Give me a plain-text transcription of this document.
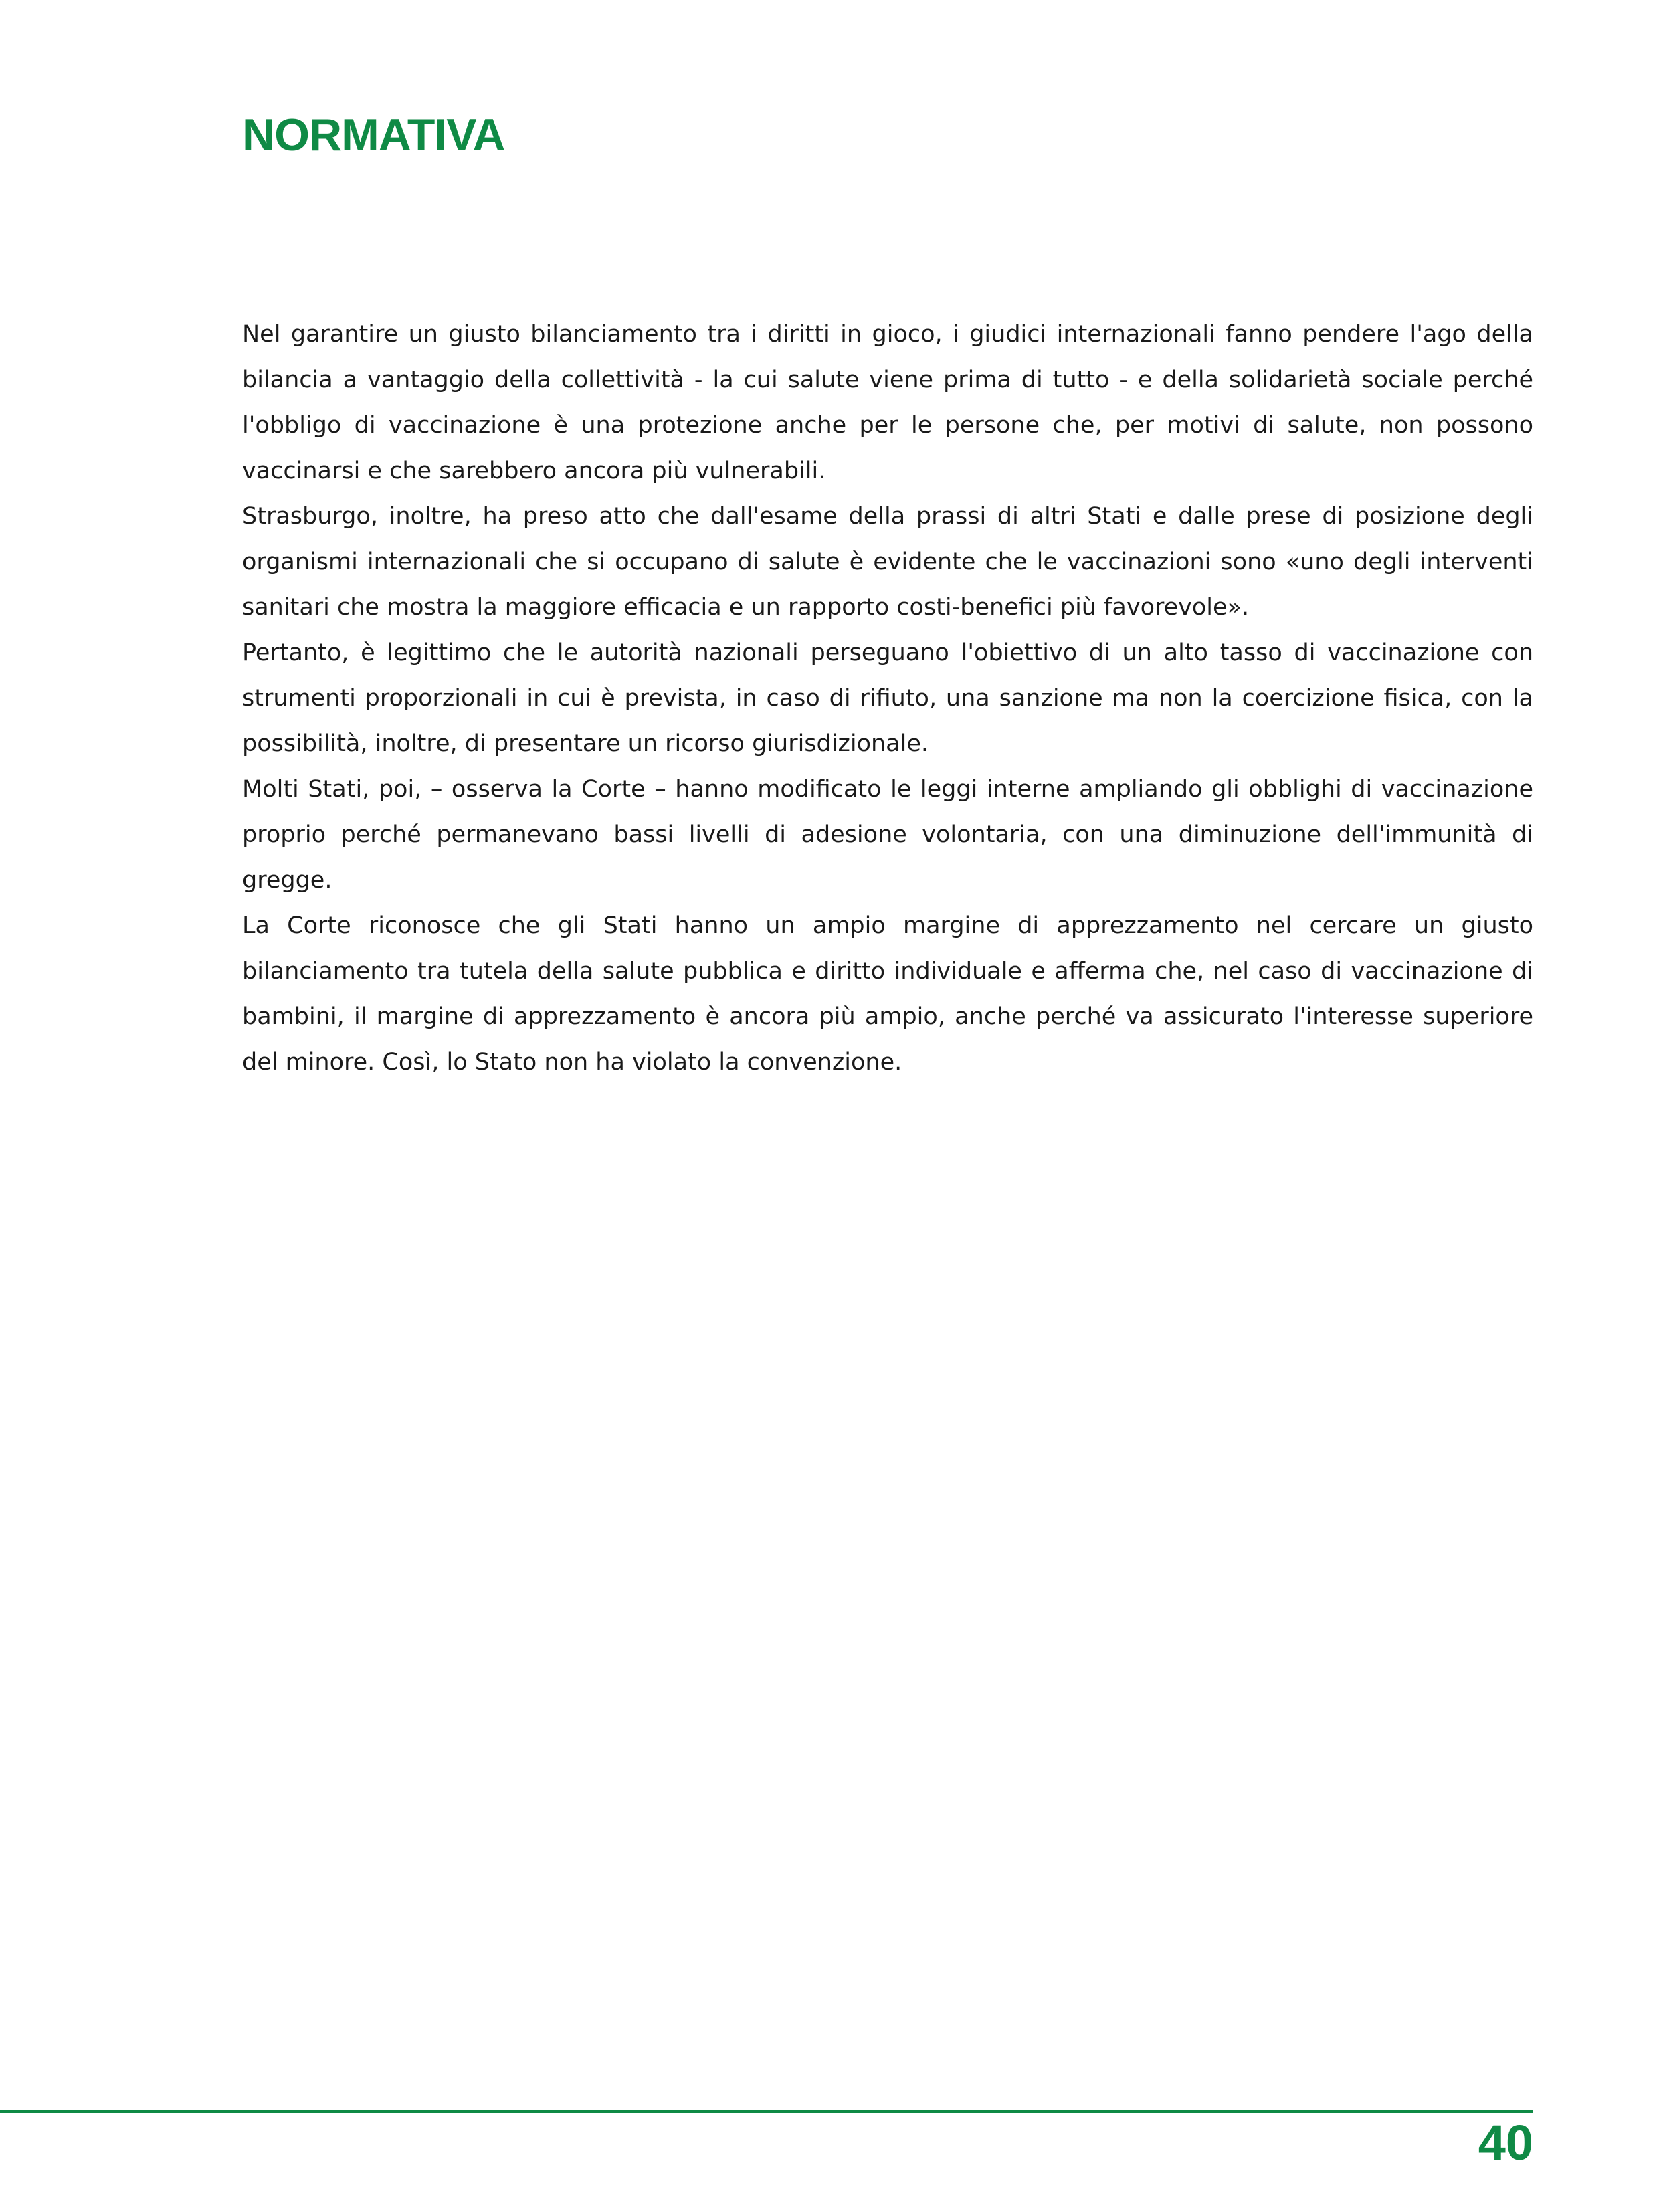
NORMATIVA

Nel garantire un giusto bilanciamento tra i diritti in gioco, i giudici internazionali fanno pendere l'ago della bilancia a vantaggio della collettività - la cui salute viene prima di tutto - e della solidarietà sociale perché l'obbligo di vaccinazione è una protezione anche per le persone che, per motivi di salute, non possono vaccinarsi e che sarebbero ancora più vulnerabili.

Strasburgo, inoltre, ha preso atto che dall'esame della prassi di altri Stati e dalle prese di posizione degli organismi internazionali che si occupano di salute è evidente che le vaccinazioni sono «uno degli interventi sanitari che mostra la maggiore efficacia e un rapporto costi-benefici più favorevole».

Pertanto, è legittimo che le autorità nazionali perseguano l'obiettivo di un alto tasso di vaccinazione con strumenti proporzionali in cui è prevista, in caso di rifiuto, una sanzione ma non la coercizione fisica, con la possibilità, inoltre, di presentare un ricorso giurisdizionale.

Molti Stati, poi, – osserva la Corte – hanno modificato le leggi interne ampliando gli obblighi di vaccinazione proprio perché permanevano bassi livelli di adesione volontaria, con una diminuzione dell'immunità di gregge.

La Corte riconosce che gli Stati hanno un ampio margine di apprezzamento nel cercare un giusto bilanciamento tra tutela della salute pubblica e diritto individuale e afferma che, nel caso di vaccinazione di bambini, il margine di apprezzamento è ancora più ampio, anche perché va assicurato l'interesse superiore del minore. Così, lo Stato non ha violato la convenzione.

40
